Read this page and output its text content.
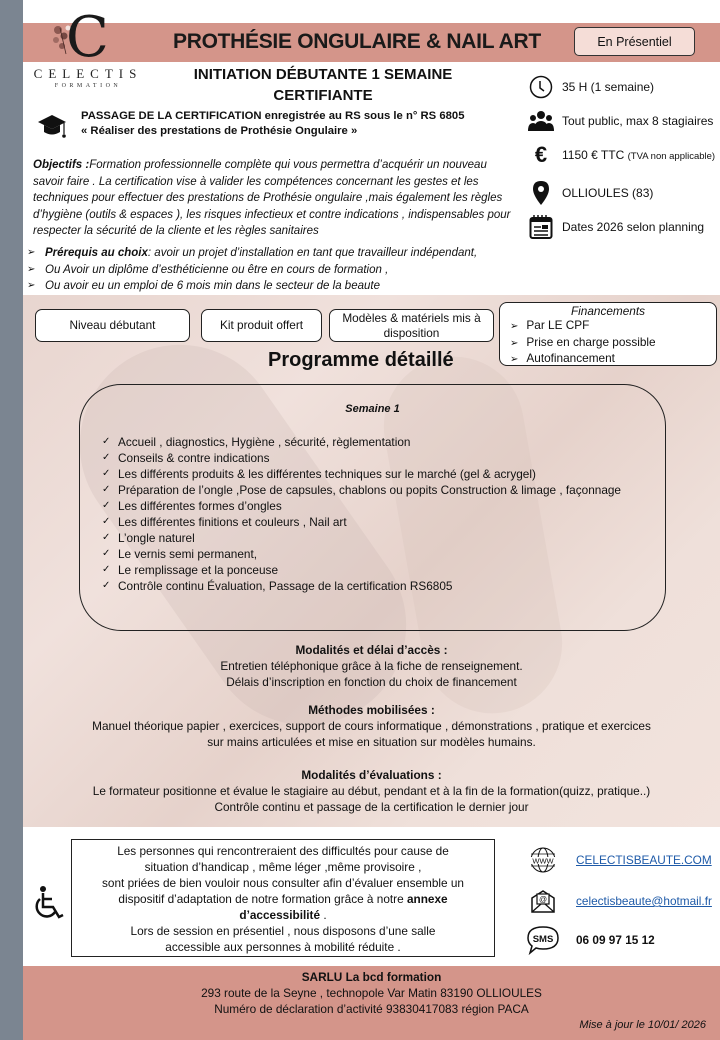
C
CELECTIS
FORMATION
PROTHÉSIE ONGULAIRE & NAIL ART	En Présentiel
INITIATION DÉBUTANTE 1 SEMAINE
CERTIFIANTE
PASSAGE DE LA CERTIFICATION enregistrée au RS sous le n° RS 6805
« Réaliser des prestations de Prothésie Ongulaire »
35 H (1 semaine)
Tout public, max 8 stagiaires
€	1150 € TTC (TVA non applicable)
OLLIOULES (83)
Dates 2026 selon planning
Objectifs :Formation professionnelle complète qui vous permettra d’acquérir un nouveau savoir faire . La certification vise à valider les compétences concernant les gestes et les techniques pour effectuer des prestations de Prothésie ongulaire ,mais également les règles d’hygiène (outils & espaces ), les risques infectieux et contre indications , indispensables pour respecter la sécurité de la cliente et les règles sanitaires
➢ Prérequis au choix: avoir un projet d’installation en tant que travailleur indépendant,
➢ Ou Avoir un diplôme d’esthéticienne ou être en cours de formation ,
➢ Ou avoir eu un emploi de 6 mois min dans le secteur de la beaute
Niveau débutant	Kit produit offert
Modèles & matériels mis à disposition
Financements
➢ Par LE CPF
➢ Prise en charge possible
➢ Autofinancement
Programme détaillé
Semaine 1
✓ Accueil , diagnostics, Hygiène , sécurité, règlementation
✓ Conseils & contre indications
✓ Les différents produits & les différentes techniques sur le marché (gel & acrygel)
✓ Préparation de l’ongle ,Pose de capsules, chablons ou popits Construction & limage , façonnage
✓ Les différentes formes d’ongles
✓ Les différentes finitions et couleurs , Nail art
✓ L’ongle naturel
✓ Le vernis semi permanent,
✓ Le remplissage et la ponceuse
✓ Contrôle continu Évaluation, Passage de la certification RS6805
Modalités et délai d’accès :
Entretien téléphonique grâce à la fiche de renseignement.
Délais d’inscription en fonction du choix de financement
Méthodes mobilisées :
Manuel théorique papier , exercices, support de cours informatique , démonstrations , pratique et exercices
sur mains articulées et mise en situation sur modèles humains.
Modalités d’évaluations :
Le formateur positionne et évalue le stagiaire au début, pendant et à la fin de la formation(quizz, pratique..)
Contrôle continu et passage de la certification le dernier jour
Les personnes qui rencontreraient des difficultés pour cause de
situation d’handicap , même léger ,même provisoire ,
sont priées de bien vouloir nous consulter afin d’évaluer ensemble un
dispositif d’adaptation de notre formation grâce à notre annexe
d’accessibilité .
Lors de session en présentiel , nous disposons d’une salle
accessible aux personnes à mobilité réduite .
WWW CELECTISBEAUTE.COM
@ celectisbeaute@hotmail.fr
SMS 06 09 97 15 12
SARLU La bcd formation
293 route de la Seyne , technopole Var Matin 83190 OLLIOULES
Numéro de déclaration d’activité 93830417083 région PACA
Mise à jour le 10/01/ 2026
